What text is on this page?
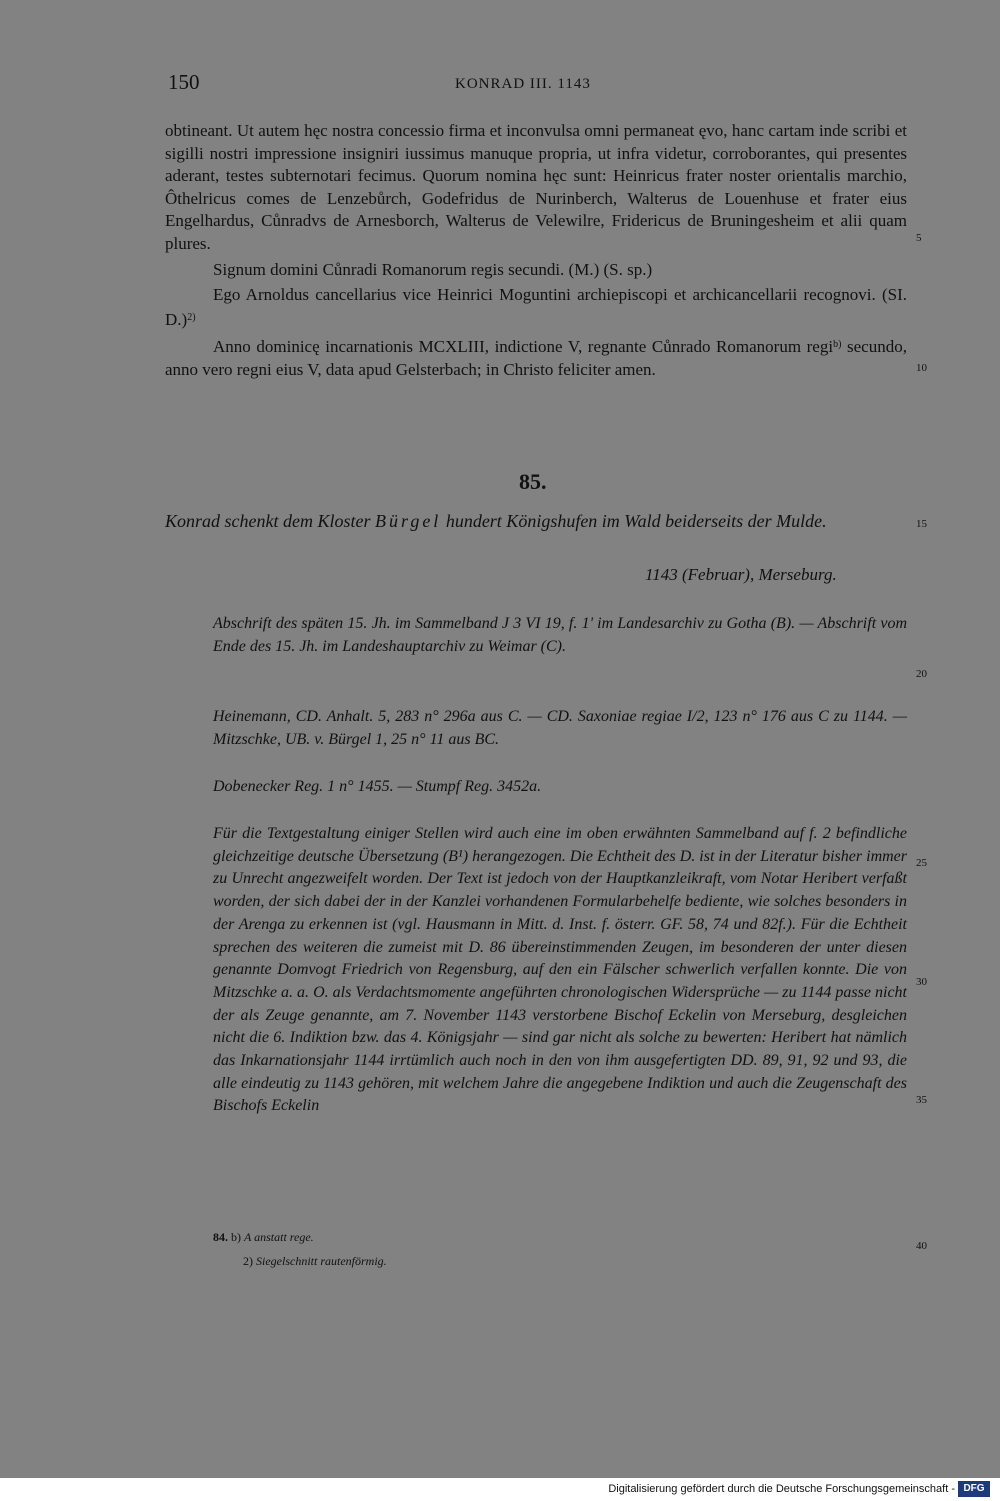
150	KONRAD III. 1143

obtineant. Ut autem hęc nostra concessio firma et inconvulsa omni permaneat ęvo, hanc cartam inde scribi et sigilli nostri impressione insigniri iussimus manuque propria, ut infra videtur, corroborantes, qui presentes aderant, testes subternotari fecimus. Quorum nomina hęc sunt: Heinricus frater noster orientalis marchio, Ôthelricus comes de Lenzebůrch, Godefridus de Nurinberch, Walterus de Louenhuse et frater eius Engelhardus, Cůnradvs de Arnesborch, Walterus de Velewilre, Fridericus de Bruningesheim et alii quam plures.

Signum domini Cůnradi Romanorum regis secundi. (M.) (S. sp.)

Ego Arnoldus cancellarius vice Heinrici Moguntini archiepiscopi et archicancellarii recognovi. (SI. D.)$^{2)}$

Anno dominicę incarnationis MCXLIII, indictione V, regnante Cůnrado Romanorum regi$^{b)}$ secundo, anno vero regni eius V, data apud Gelsterbach; in Christo feliciter amen.

85.
Konrad schenkt dem Kloster Bürgel hundert Königshufen im Wald beiderseits der Mulde.
1143 (Februar), Merseburg.
Abschrift des späten 15. Jh. im Sammelband J 3 VI 19, f. 1' im Landesarchiv zu Gotha (B). — Abschrift vom Ende des 15. Jh. im Landeshauptarchiv zu Weimar (C).
Heinemann, CD. Anhalt. 5, 283 n° 296a aus C. — CD. Saxoniae regiae I/2, 123 n° 176 aus C zu 1144. — Mitzschke, UB. v. Bürgel 1, 25 n° 11 aus BC.
Dobenecker Reg. 1 n° 1455. — Stumpf Reg. 3452a.
Für die Textgestaltung einiger Stellen wird auch eine im oben erwähnten Sammelband auf f. 2 befindliche gleichzeitige deutsche Übersetzung (B¹) herangezogen. Die Echtheit des D. ist in der Literatur bisher immer zu Unrecht angezweifelt worden. Der Text ist jedoch von der Hauptkanzleikraft, vom Notar Heribert verfaßt worden, der sich dabei der in der Kanzlei vorhandenen Formularbehelfe bediente, wie solches besonders in der Arenga zu erkennen ist (vgl. Hausmann in Mitt. d. Inst. f. österr. GF. 58, 74 und 82f.). Für die Echtheit sprechen des weiteren die zumeist mit D. 86 übereinstimmenden Zeugen, im besonderen der unter diesen genannte Domvogt Friedrich von Regensburg, auf den ein Fälscher schwerlich verfallen konnte. Die von Mitzschke a. a. O. als Verdachtsmomente angeführten chronologischen Widersprüche — zu 1144 passe nicht der als Zeuge genannte, am 7. November 1143 verstorbene Bischof Eckelin von Merseburg, desgleichen nicht die 6. Indiktion bzw. das 4. Königsjahr — sind gar nicht als solche zu bewerten: Heribert hat nämlich das Inkarnationsjahr 1144 irrtümlich auch noch in den von ihm ausgefertigten DD. 89, 91, 92 und 93, die alle eindeutig zu 1143 gehören, mit welchem Jahre die angegebene Indiktion und auch die Zeugenschaft des Bischofs Eckelin
84. b) A anstatt rege.
2) Siegelschnitt rautenförmig.
5
10
15
20
25
30
35
40
Digitalisierung gefördert durch die Deutsche Forschungsgemeinschaft - DFG
